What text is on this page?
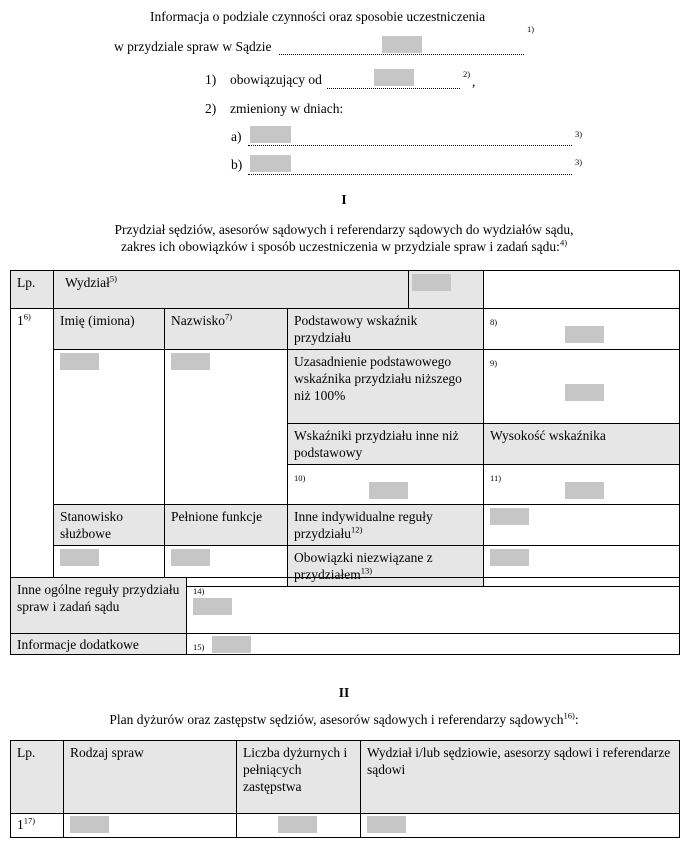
Informacja o podziale czynności oraz sposobie uczestniczenia
w przydziale spraw w Sądzie
1)
1) obowiązujący od	2) ,
2) zmieniony w dniach:
a)	3)
b)	3)
I
Przydział sędziów, asesorów sądowych i referendarzy sądowych do wydziałów sądu,
zakres ich obowiązków i sposób uczestniczenia w przydziale spraw i zadań sądu:$^{4)}$
Lp.	Wydział$^{5)}$

1$^{6)}$	Imię (imiona)	Nazwisko$^{7)}$	Podstawowy wskaźnik przydziału	8)

			Uzasadnienie podstawowego wskaźnika przydziału niższego niż 100%	9)

			Wskaźniki przydziału inne niż podstawowy	Wysokość wskaźnika

			10)	11)

	Stanowisko służbowe	Pełnione funkcje	Inne indywidualne reguły przydziału$^{12)}$	
			Obowiązki niezwiązane z przydziałem$^{13)}$	
Inne ogólne reguły przydziału spraw i zadań sądu	14)

Informacje dodatkowe	15)
II
Plan dyżurów oraz zastępstw sędziów, asesorów sądowych i referendarzy sądowych$^{16)}$:
Lp.	Rodzaj spraw	Liczba dyżurnych i pełniących zastępstwa	Wydział i/lub sędziowie, asesorzy sądowi i referendarze sądowi
1$^{17)}$			
